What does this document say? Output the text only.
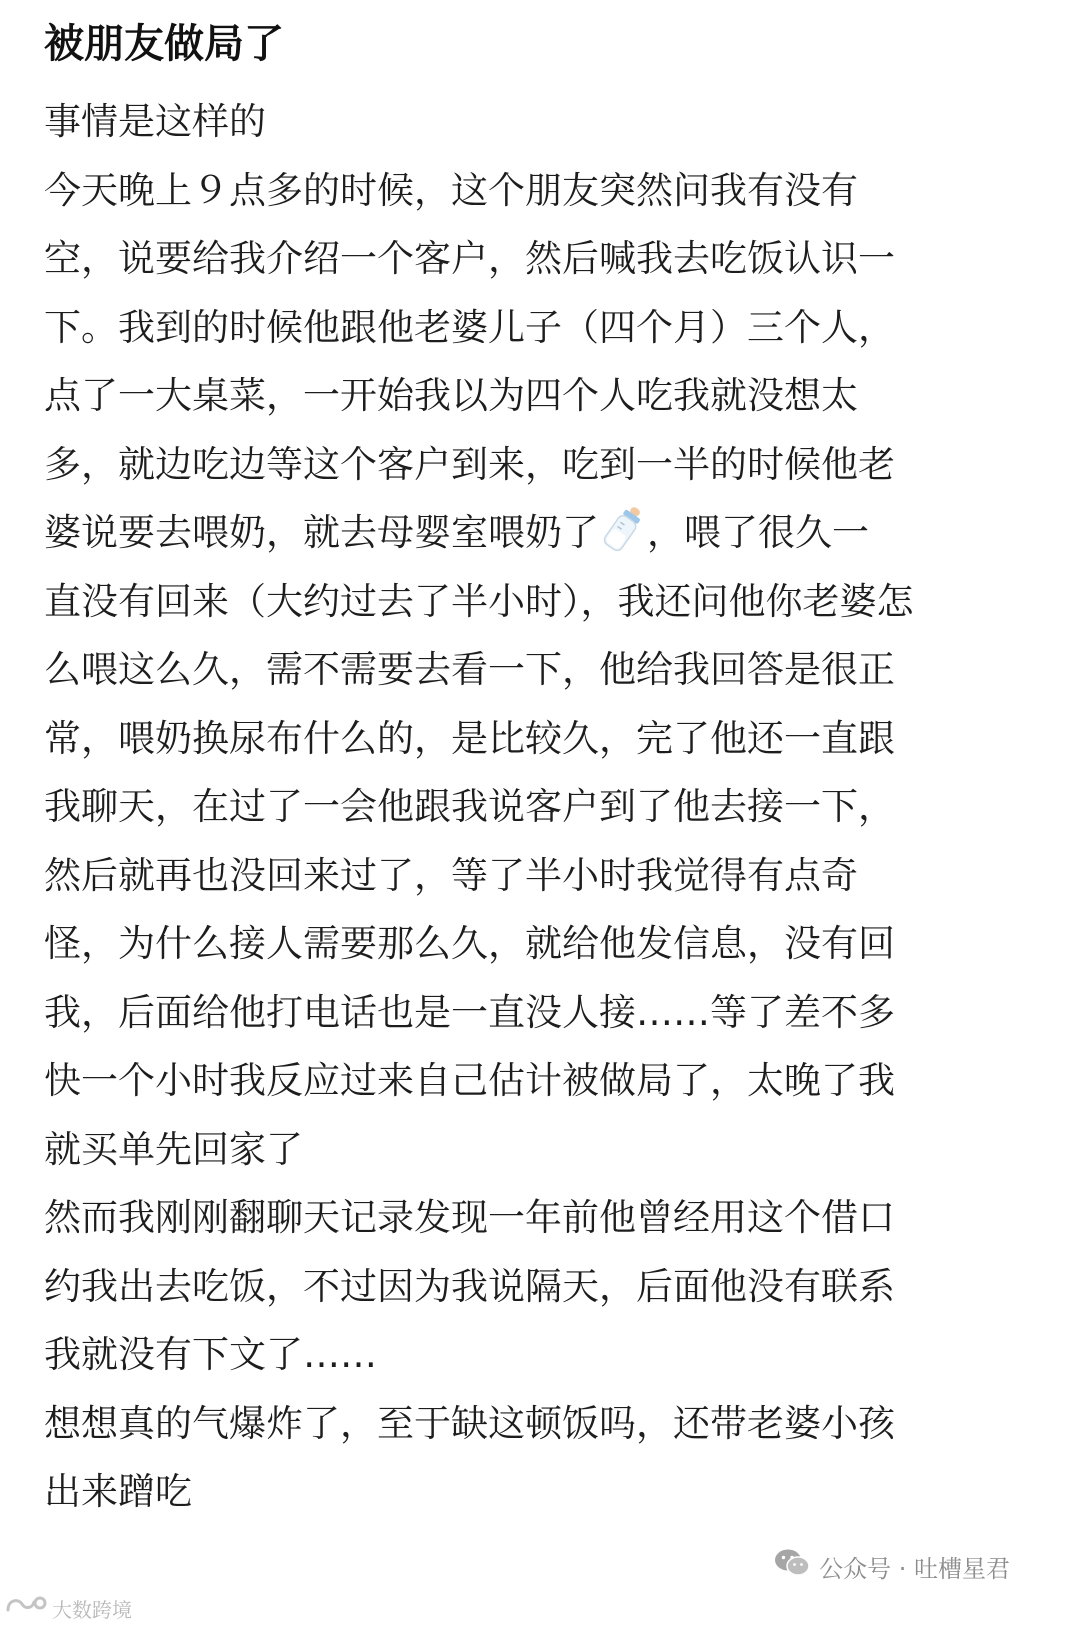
被朋友做局了
事情是这样的
今天晚上９点多的时候，这个朋友突然问我有没有
空，说要给我介绍一个客户，然后喊我去吃饭认识一
下。我到的时候他跟他老婆儿子（四个月）三个人，
点了一大桌菜，一开始我以为四个人吃我就没想太
多，就边吃边等这个客户到来，吃到一半的时候他老
婆说要去喂奶，就去母婴室喂奶了 ，喂了很久一
直没有回来（大约过去了半小时），我还问他你老婆怎
么喂这么久，需不需要去看一下，他给我回答是很正
常，喂奶换尿布什么的，是比较久，完了他还一直跟
我聊天，在过了一会他跟我说客户到了他去接一下，
然后就再也没回来过了，等了半小时我觉得有点奇
怪，为什么接人需要那么久，就给他发信息，没有回
我，后面给他打电话也是一直没人接……等了差不多
快一个小时我反应过来自己估计被做局了，太晚了我
就买单先回家了
然而我刚刚翻聊天记录发现一年前他曾经用这个借口
约我出去吃饭，不过因为我说隔天，后面他没有联系
我就没有下文了……
想想真的气爆炸了，至于缺这顿饭吗，还带老婆小孩
出来蹭吃
公众号 · 吐槽星君
大数跨境
